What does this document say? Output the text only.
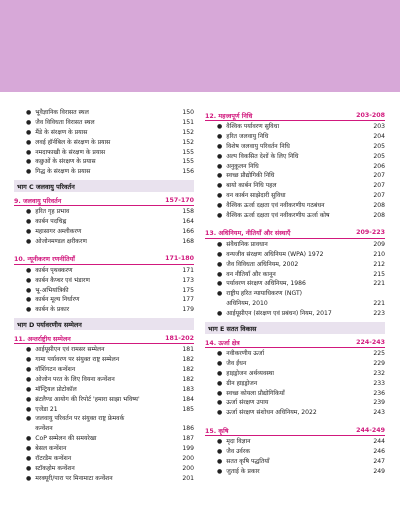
● भूवैज्ञानिक विरासत स्थल	150
● जैव विविधता विरासत स्थल	151
● मैंडे के संरक्षण के प्रयास	152
● लवई हॉर्नबिल के संरक्षण के प्रयास	152
● नमदाफाखी के संरक्षण के प्रयास	155
● कछुओं के संरक्षण के प्रयास	155
● गिद्ध के संरक्षण के प्रयास	156
भाग C जलवायु परिवर्तन
9. जलवायु परिवर्तन	157-170
● हरित गृह प्रभाव	158
● कार्बन पदचिह्न	164
● महासागर अम्लीकरण	166
● ओजोनमण्डल क्षरीकरण	168
10. न्यूनीकरण रणनीतियाँ	171-180
● कार्बन पृथक्करण	171
● कार्बन कैप्चर एवं भंडारण	173
● भू-अभियांत्रिकी	175
● कार्बन मूल्य निर्धारण	177
● कार्बन के प्रकार	179
भाग D पर्यावरणीय सम्मेलन
11. अन्तर्राष्ट्रीय सम्मेलन	181-202
● आईयूसीएन एवं रामसर सम्मेलन	181
● गामा पर्यावरण पर संयुक्त राष्ट्र सम्मेलन	182
● वॉशिंगटन कन्वेंशन	182
● ओजोन परत के लिए वियना कन्वेंशन	182
● मॉन्ट्रियल प्रोटोकॉल	183
● ब्रंटलैण्ड आयोग की रिपोर्ट 'हमारा साझा भविष्य'	184
● एजेंडा 21	185
● जलवायु परिवर्तन पर संयुक्त राष्ट्र फ्रेमवर्क
कन्वेंशन	186
● CoP सम्मेलन की समयरेखा	187
● बेसल कन्वेंशन	199
● रॉटरडैम कन्वेंशन	200
● स्टॉकहोम कन्वेंशन	200
● मरक्यूरी/पारा पर मिनामाटा कन्वेंशन	201
12. महत्त्वपूर्ण निधि	203-208
● वैश्विक पर्यावरण सुविधा	203
● हरित जलवायु निधि	204
● विशेष जलवायु परिवर्तन निधि	205
● अल्प विकसित देशों के लिए निधि	205
● अनुकूलन निधि	206
● स्वच्छ प्रौद्योगिकी निधि	207
● बायो कार्बन निधि पहल	207
● वन कार्बन साझेदारी सुविधा	207
● वैश्विक ऊर्जा दक्षता एवं नवीकरणीय गठबंधन	208
● वैश्विक ऊर्जा दक्षता एवं नवीकरणीय ऊर्जा कोष	208
13. अधिनियम, नीतियाँ और संस्थाएँ	209-223
● संवैधानिक प्रावधान	209
● वन्यजीव संरक्षण अधिनियम (WPA) 1972	210
● जैव विविधता अधिनियम, 2002	212
● वन नीतियाँ और कानून	215
● पर्यावरण संरक्षण अधिनियम, 1986	221
● राष्ट्रीय हरित न्यायाधिकरण (NGT)
अधिनियम, 2010	221
● आईयूसीएन (संरक्षण एवं प्रबंधन) नियम, 2017	223
भाग E सतत विकास
14. ऊर्जा क्षेत्र	224-243
● नवीकरणीय ऊर्जा	225
● जैव ईंधन	229
● हाइड्रोजन अर्थव्यवस्था	232
● ग्रीन हाइड्रोजन	233
● स्वच्छ कोयला प्रौद्योगिकियाँ	236
● ऊर्जा संरक्षण उपाय	239
● ऊर्जा संरक्षण संशोधन अधिनियम, 2022	243
15. कृषि	244-249
● मृदा विज्ञान	244
● जैव उर्वरक	246
● सतत कृषि पद्धतियाँ	247
● जुताई के प्रकार	249
